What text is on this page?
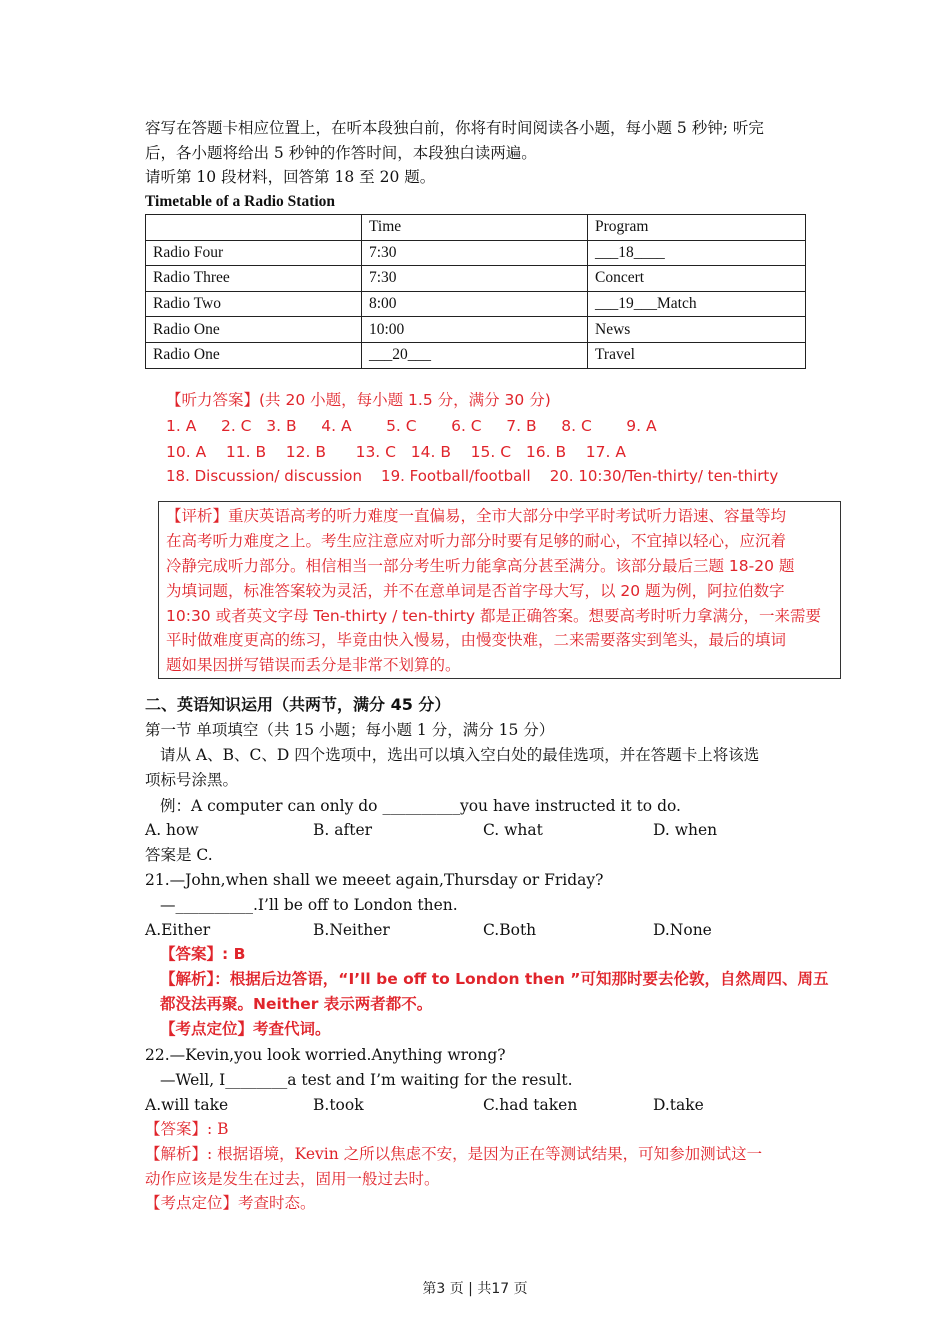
容写在答题卡相应位置上，在听本段独白前，你将有时间阅读各小题，每小题 5 秒钟; 听完
后，各小题将给出 5 秒钟的作答时间，本段独白读两遍。
请听第 10 段材料，回答第 18 至 20 题。
Timetable of a Radio Station
	Time	Program
Radio Four	7:30	___18____
Radio Three	7:30	Concert
Radio Two	8:00	___19___Match
Radio One	10:00	News
Radio One	___20___	Travel
【听力答案】(共 20 小题，每小题 1.5 分，满分 30 分)
1. A     2. C   3. B     4. A       5. C       6. C     7. B     8. C       9. A
10. A    11. B    12. B      13. C   14. B    15. C   16. B    17. A
18. Discussion/ discussion    19. Football/football    20. 10:30/Ten-thirty/ ten-thirty

【评析】重庆英语高考的听力难度一直偏易，全市大部分中学平时考试听力语速、容量等均

在高考听力难度之上。考生应注意应对听力部分时要有足够的耐心，不宜掉以轻心，应沉着

冷静完成听力部分。相信相当一部分考生听力能拿高分甚至满分。该部分最后三题 18-20 题

为填词题，标准答案较为灵活，并不在意单词是否首字母大写，以 20 题为例，阿拉伯数字

10:30 或者英文字母 Ten-thirty / ten-thirty 都是正确答案。想要高考时听力拿满分，一来需要

平时做难度更高的练习，毕竟由快入慢易，由慢变快难，二来需要落实到笔头，最后的填词

题如果因拼写错误而丢分是非常不划算的。

二、英语知识运用（共两节，满分 45 分）
第一节 单项填空（共 15 小题；每小题 1 分，满分 15 分）
请从 A、B、C、D 四个选项中，选出可以填入空白处的最佳选项，并在答题卡上将该选
项标号涂黑。
例：A computer can only do __________you have instructed it to do.
A. how	B. after	C. what	D. when
答案是 C.
21.—John,when shall we meeet again,Thursday or Friday?
—__________.I’ll be off to London then.
A.Either	B.Neither	C.Both	D.None
【答案】: B
【解析】：根据后边答语，“I’ll be off to London then ”可知那时要去伦敦，自然周四、周五
都没法再聚。Neither 表示两者都不。
【考点定位】考查代词。
22.—Kevin,you look worried.Anything wrong?
—Well, I________a test and I’m waiting for the result.
A.will take	B.took	C.had taken	D.take
【答案】: B
【解析】: 根据语境，Kevin 之所以焦虑不安，是因为正在等测试结果，可知参加测试这一
动作应该是发生在过去，固用一般过去时。
【考点定位】考查时态。
第3 页 | 共17 页
